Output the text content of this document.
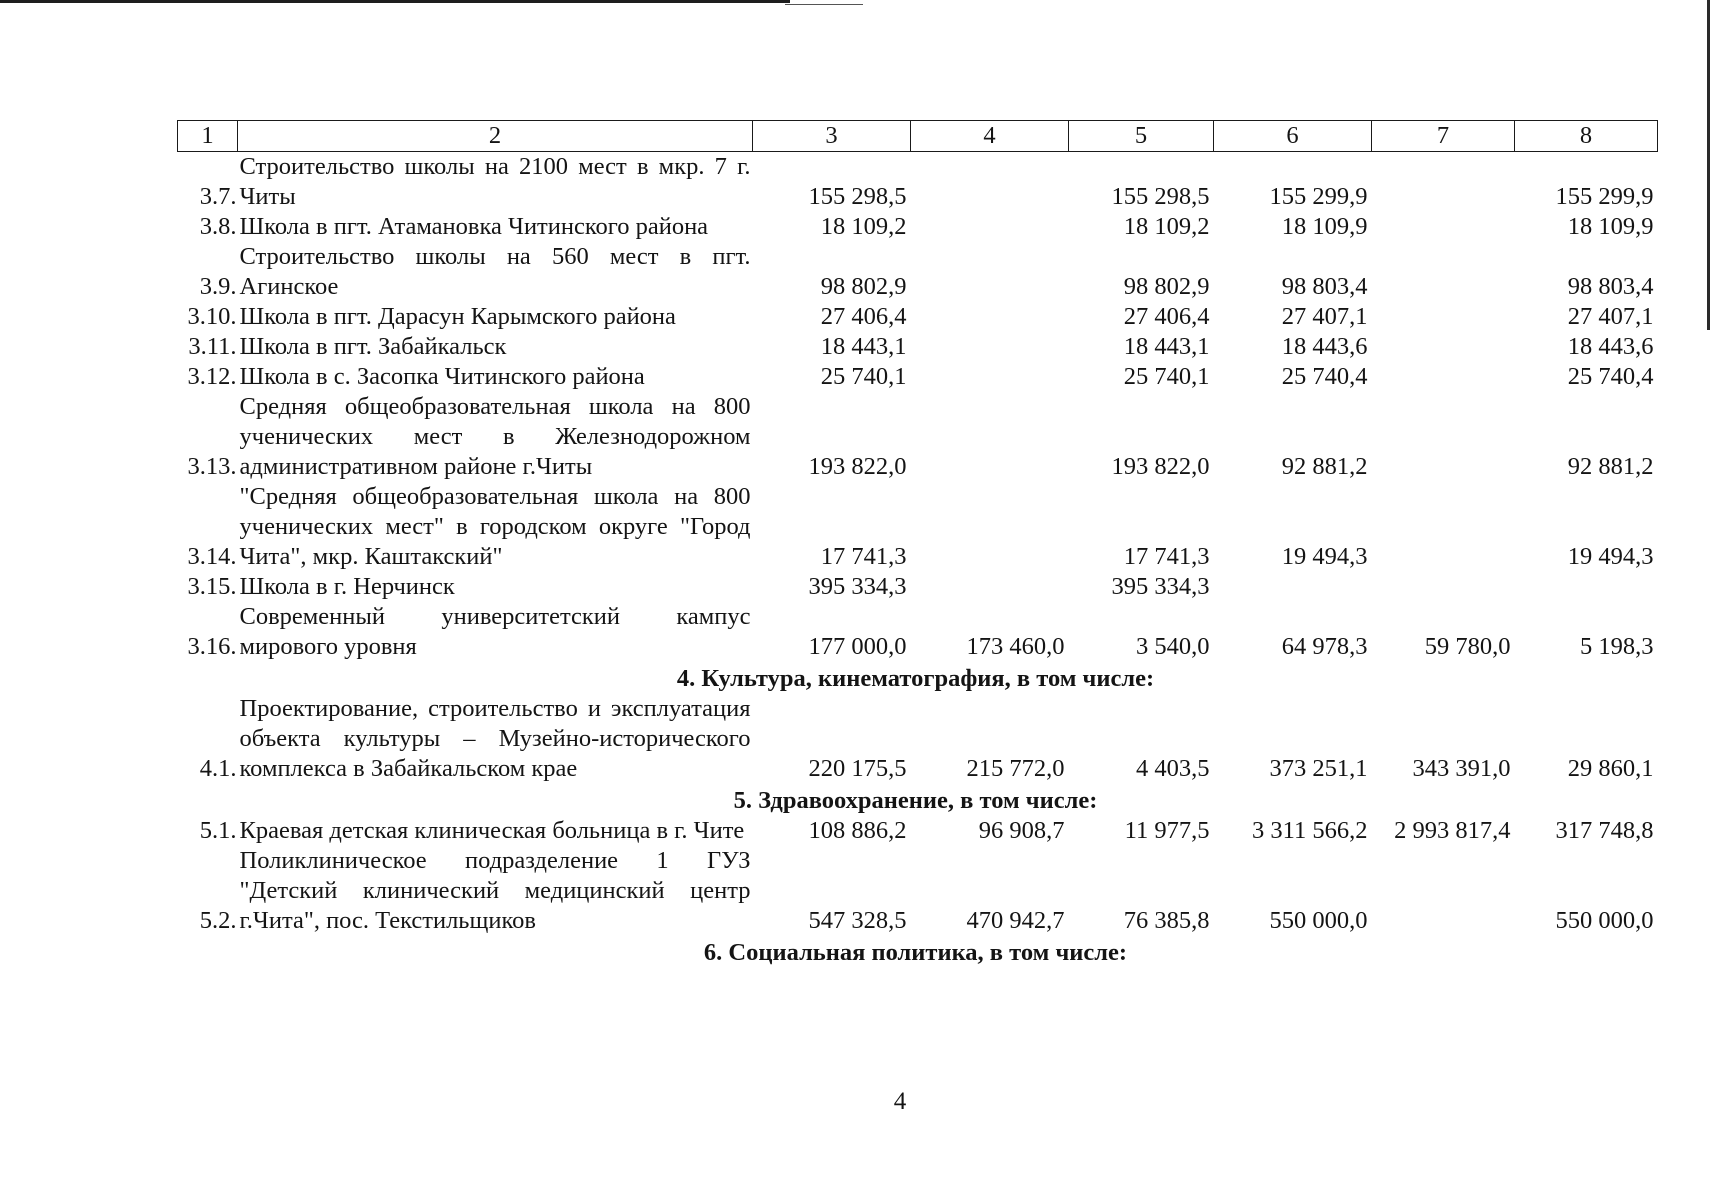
1	2	3	4	5	6	7	8
3.7.	Строительство школы на 2100 мест в мкр. 7 г. Читы	155 298,5		155 298,5	155 299,9		155 299,9
3.8.	Школа в пгт. Атамановка Читинского района	18 109,2		18 109,2	18 109,9		18 109,9
3.9.	Строительство школы на 560 мест в пгт. Агинское	98 802,9		98 802,9	98 803,4		98 803,4
3.10.	Школа в пгт. Дарасун Карымского района	27 406,4		27 406,4	27 407,1		27 407,1
3.11.	Школа в пгт. Забайкальск	18 443,1		18 443,1	18 443,6		18 443,6
3.12.	Школа в с. Засопка Читинского района	25 740,1		25 740,1	25 740,4		25 740,4
3.13.	Средняя общеобразовательная школа на 800 ученических мест в Железнодорожном административном районе г.Читы	193 822,0		193 822,0	92 881,2		92 881,2
3.14.	"Средняя общеобразовательная школа на 800 ученических мест" в городском округе "Город Чита", мкр. Каштакский"	17 741,3		17 741,3	19 494,3		19 494,3
3.15.	Школа в г. Нерчинск	395 334,3		395 334,3			
3.16.	Современный университетский кампус мирового уровня	177 000,0	173 460,0	3 540,0	64 978,3	59 780,0	5 198,3
4. Культура, кинематография, в том числе:							
4.1.	Проектирование, строительство и эксплуатация объекта культуры – Музейно-исторического комплекса в Забайкальском крае	220 175,5	215 772,0	4 403,5	373 251,1	343 391,0	29 860,1
5. Здравоохранение, в том числе:							
5.1.	Краевая детская клиническая больница в г. Чите	108 886,2	96 908,7	11 977,5	3 311 566,2	2 993 817,4	317 748,8
5.2.	Поликлиническое подразделение 1 ГУЗ "Детский клинический медицинский центр г.Чита", пос. Текстильщиков	547 328,5	470 942,7	76 385,8	550 000,0		550 000,0
6. Социальная политика, в том числе:							
4
